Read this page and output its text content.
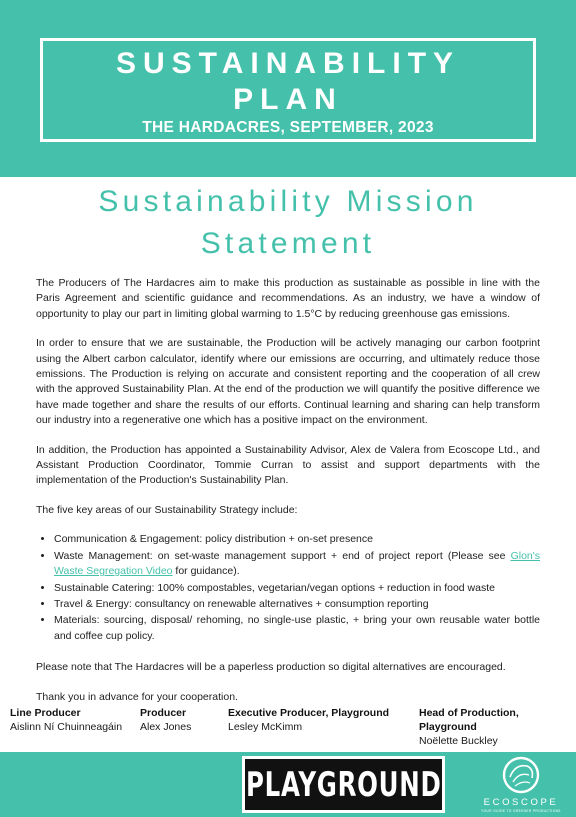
SUSTAINABILITY
PLAN
THE HARDACRES, SEPTEMBER, 2023
Sustainability Mission
Statement

The Producers of The Hardacres aim to make this production as sustainable as possible in line with the Paris Agreement and scientific guidance and recommendations. As an industry, we have a window of opportunity to play our part in limiting global warming to 1.5°C by reducing greenhouse gas emissions.

In order to ensure that we are sustainable, the Production will be actively managing our carbon footprint using the Albert carbon calculator, identify where our emissions are occurring, and ultimately reduce those emissions. The Production is relying on accurate and consistent reporting and the cooperation of all crew with the approved Sustainability Plan. At the end of the production we will quantify the positive difference we have made together and share the results of our efforts. Continual learning and sharing can help transform our industry into a regenerative one which has a positive impact on the environment.

In addition, the Production has appointed a Sustainability Advisor, Alex de Valera from Ecoscope Ltd., and Assistant Production Coordinator, Tommie Curran to assist and support departments with the implementation of the Production's Sustainability Plan.

The five key areas of our Sustainability Strategy include:

• Communication & Engagement: policy distribution + on-set presence
• Waste Management: on set-waste management support + end of project report (Please see Glon's Waste Segregation Video for guidance).
• Sustainable Catering: 100% compostables, vegetarian/vegan options + reduction in food waste
• Travel & Energy: consultancy on renewable alternatives + consumption reporting
• Materials: sourcing, disposal/ rehoming, no single-use plastic, + bring your own reusable water bottle and coffee cup policy.

Please note that The Hardacres will be a paperless production so digital alternatives are encouraged.

Thank you in advance for your cooperation.

Line Producer
Aislinn Ní Chuinneagáin
Producer
Alex Jones
Executive Producer, Playground
Lesley McKimm
Head of Production, Playground
Noëlette Buckley
PLAYGROUND	ECOSCOPE
YOUR GUIDE TO GREENER PRODUCTIONS
